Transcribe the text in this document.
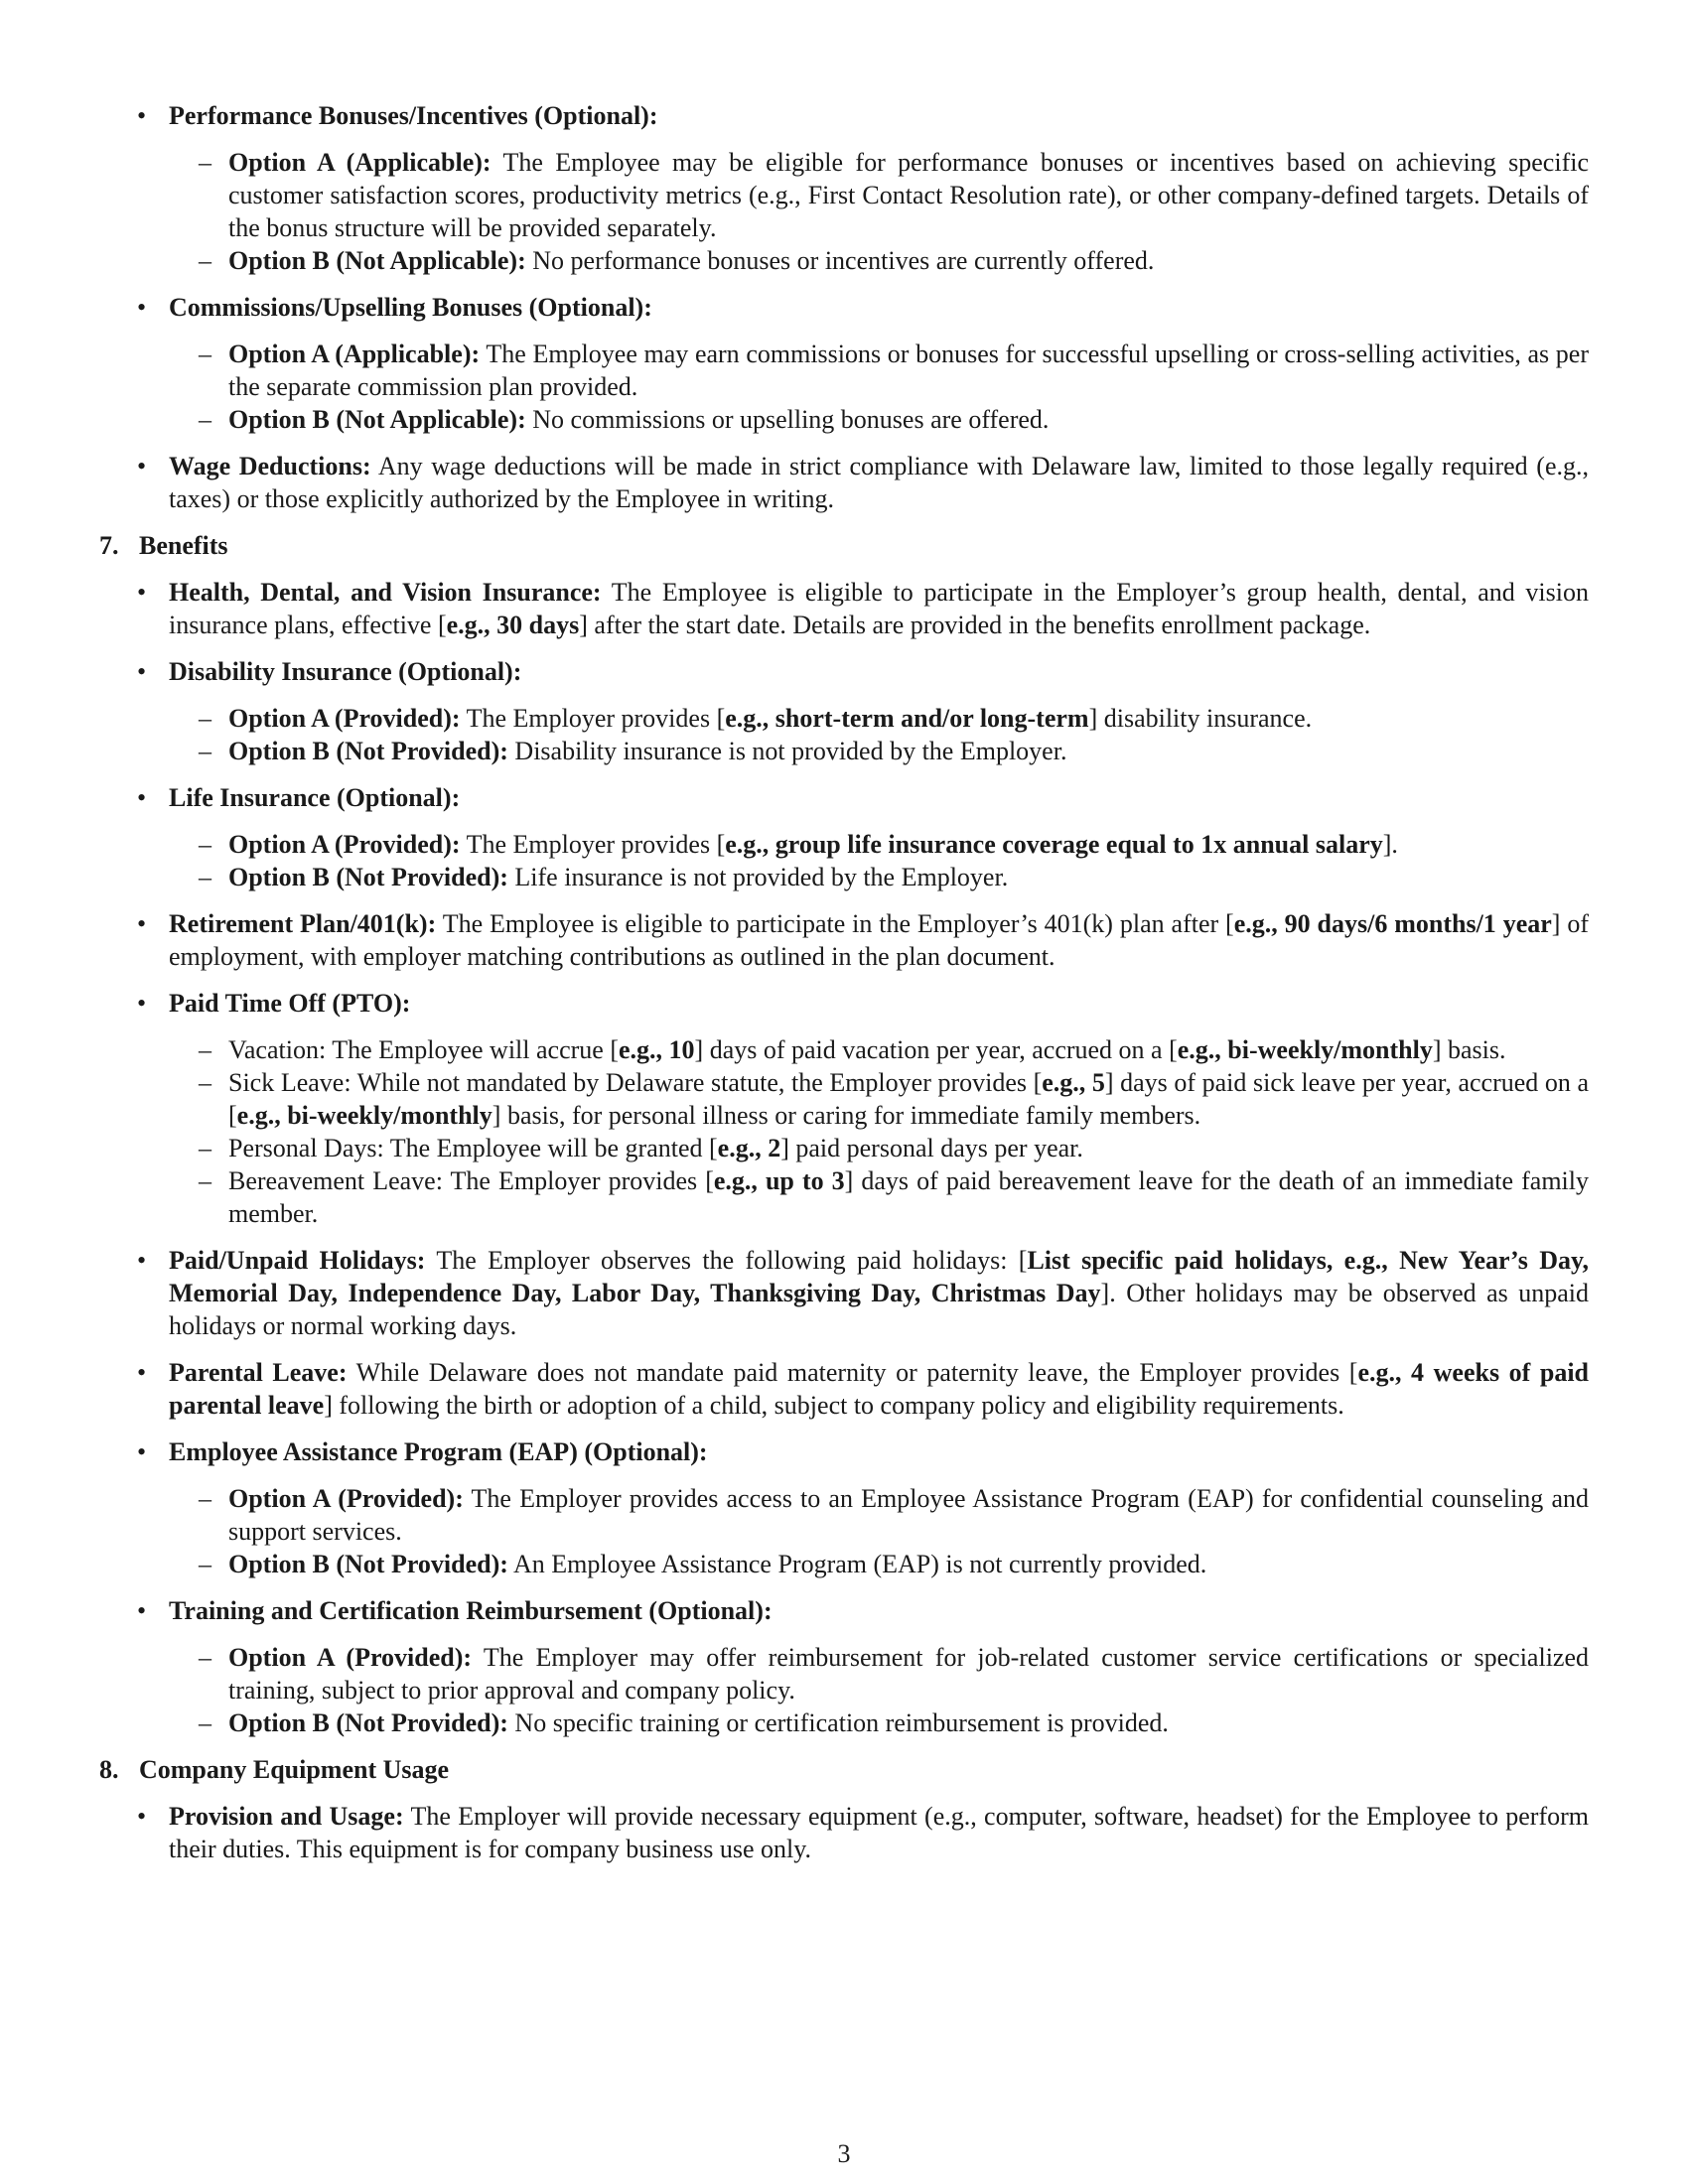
• Performance Bonuses/Incentives (Optional):

– Option A (Applicable): The Employee may be eligible for performance bonuses or incentives based on achieving specific customer satisfaction scores, productivity metrics (e.g., First Contact Resolution rate), or other company-defined targets. Details of the bonus structure will be provided separately.

– Option B (Not Applicable): No performance bonuses or incentives are currently offered.

• Commissions/Upselling Bonuses (Optional):

– Option A (Applicable): The Employee may earn commissions or bonuses for successful upselling or cross-selling activities, as per the separate commission plan provided.

– Option B (Not Applicable): No commissions or upselling bonuses are offered.

• Wage Deductions: Any wage deductions will be made in strict compliance with Delaware law, limited to those legally required (e.g., taxes) or those explicitly authorized by the Employee in writing.

7. Benefits

• Health, Dental, and Vision Insurance: The Employee is eligible to participate in the Employer’s group health, dental, and vision insurance plans, effective [e.g., 30 days] after the start date. Details are provided in the benefits enrollment package.

• Disability Insurance (Optional):

– Option A (Provided): The Employer provides [e.g., short-term and/or long-term] disability insurance.

– Option B (Not Provided): Disability insurance is not provided by the Employer.

• Life Insurance (Optional):

– Option A (Provided): The Employer provides [e.g., group life insurance coverage equal to 1x annual salary].

– Option B (Not Provided): Life insurance is not provided by the Employer.

• Retirement Plan/401(k): The Employee is eligible to participate in the Employer’s 401(k) plan after [e.g., 90 days/6 months/1 year] of employment, with employer matching contributions as outlined in the plan document.

• Paid Time Off (PTO):

– Vacation: The Employee will accrue [e.g., 10] days of paid vacation per year, accrued on a [e.g., bi-weekly/monthly] basis.

– Sick Leave: While not mandated by Delaware statute, the Employer provides [e.g., 5] days of paid sick leave per year, accrued on a [e.g., bi-weekly/monthly] basis, for personal illness or caring for immediate family members.

– Personal Days: The Employee will be granted [e.g., 2] paid personal days per year.

– Bereavement Leave: The Employer provides [e.g., up to 3] days of paid bereavement leave for the death of an immediate family member.

• Paid/Unpaid Holidays: The Employer observes the following paid holidays: [List specific paid holidays, e.g., New Year’s Day, Memorial Day, Independence Day, Labor Day, Thanksgiving Day, Christmas Day]. Other holidays may be observed as unpaid holidays or normal working days.

• Parental Leave: While Delaware does not mandate paid maternity or paternity leave, the Employer provides [e.g., 4 weeks of paid parental leave] following the birth or adoption of a child, subject to company policy and eligibility requirements.

• Employee Assistance Program (EAP) (Optional):

– Option A (Provided): The Employer provides access to an Employee Assistance Program (EAP) for confidential counseling and support services.

– Option B (Not Provided): An Employee Assistance Program (EAP) is not currently provided.

• Training and Certification Reimbursement (Optional):

– Option A (Provided): The Employer may offer reimbursement for job-related customer service certifications or specialized training, subject to prior approval and company policy.

– Option B (Not Provided): No specific training or certification reimbursement is provided.

8. Company Equipment Usage

• Provision and Usage: The Employer will provide necessary equipment (e.g., computer, software, headset) for the Employee to perform their duties. This equipment is for company business use only.

3
